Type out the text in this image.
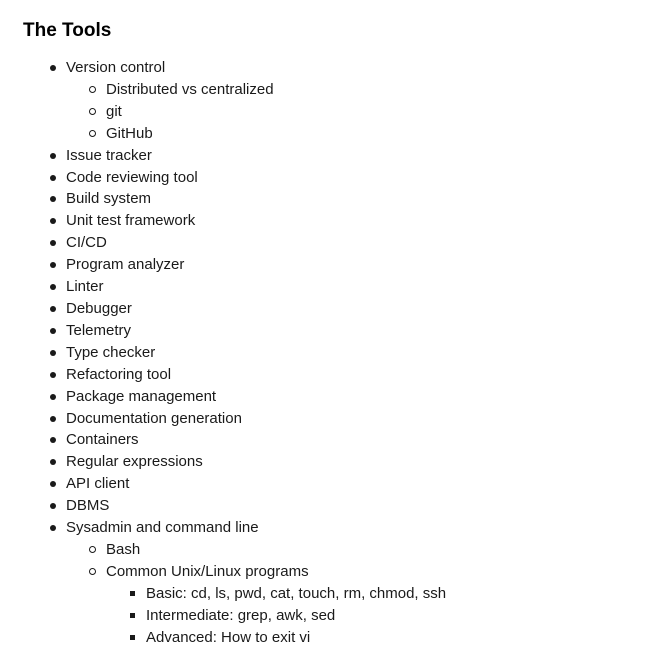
The Tools
Version control
Distributed vs centralized
git
GitHub
Issue tracker
Code reviewing tool
Build system
Unit test framework
CI/CD
Program analyzer
Linter
Debugger
Telemetry
Type checker
Refactoring tool
Package management
Documentation generation
Containers
Regular expressions
API client
DBMS
Sysadmin and command line
Bash
Common Unix/Linux programs
Basic: cd, ls, pwd, cat, touch, rm, chmod, ssh
Intermediate: grep, awk, sed
Advanced: How to exit vi
